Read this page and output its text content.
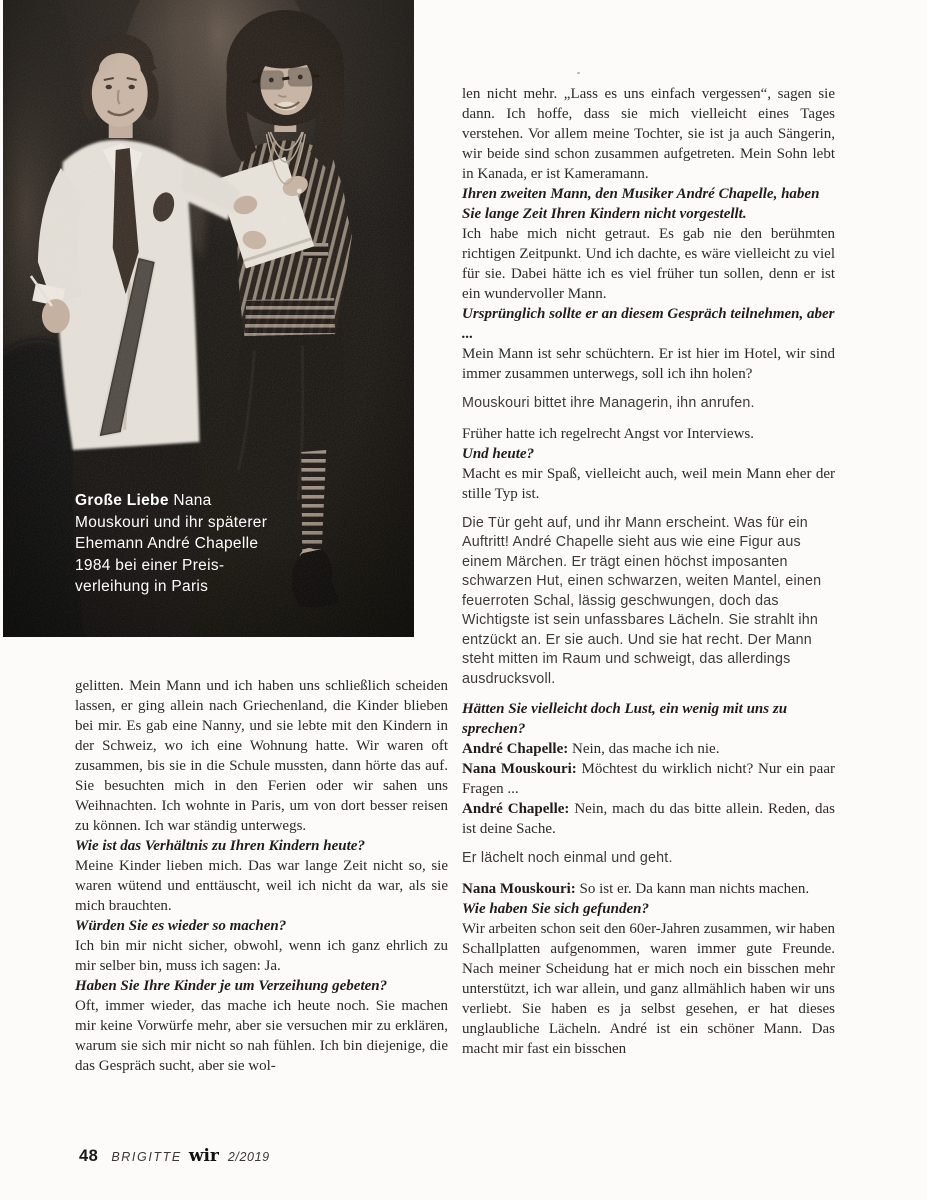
Große Liebe Nana Mouskouri und ihr späterer Ehemann André Chapelle 1984 bei einer Preis-verleihung in Paris

gelitten. Mein Mann und ich haben uns schließlich scheiden lassen, er ging allein nach Griechenland, die Kinder blieben bei mir. Es gab eine Nanny, und sie lebte mit den Kindern in der Schweiz, wo ich eine Wohnung hatte. Wir waren oft zusammen, bis sie in die Schule mussten, dann hörte das auf. Sie besuchten mich in den Ferien oder wir sahen uns Weihnachten. Ich wohnte in Paris, um von dort besser reisen zu können. Ich war ständig unterwegs.

Wie ist das Verhältnis zu Ihren Kindern heute?

Meine Kinder lieben mich. Das war lange Zeit nicht so, sie waren wütend und enttäuscht, weil ich nicht da war, als sie mich brauchten.

Würden Sie es wieder so machen?

Ich bin mir nicht sicher, obwohl, wenn ich ganz ehrlich zu mir selber bin, muss ich sagen: Ja.

Haben Sie Ihre Kinder je um Verzeihung gebeten?

Oft, immer wieder, das mache ich heute noch. Sie machen mir keine Vorwürfe mehr, aber sie versuchen mir zu erklären, warum sie sich mir nicht so nah fühlen. Ich bin diejenige, die das Gespräch sucht, aber sie wol-

len nicht mehr. „Lass es uns einfach vergessen“, sagen sie dann. Ich hoffe, dass sie mich vielleicht eines Tages verstehen. Vor allem meine Tochter, sie ist ja auch Sängerin, wir beide sind schon zusammen aufgetreten. Mein Sohn lebt in Kanada, er ist Kameramann.

Ihren zweiten Mann, den Musiker André Chapelle, haben Sie lange Zeit Ihren Kindern nicht vorgestellt.

Ich habe mich nicht getraut. Es gab nie den berühmten richtigen Zeitpunkt. Und ich dachte, es wäre vielleicht zu viel für sie. Dabei hätte ich es viel früher tun sollen, denn er ist ein wundervoller Mann.

Ursprünglich sollte er an diesem Gespräch teilnehmen, aber ...

Mein Mann ist sehr schüchtern. Er ist hier im Hotel, wir sind immer zusammen unterwegs, soll ich ihn holen?

Mouskouri bittet ihre Managerin, ihn anrufen.

Früher hatte ich regelrecht Angst vor Interviews.

Und heute?

Macht es mir Spaß, vielleicht auch, weil mein Mann eher der stille Typ ist.

Die Tür geht auf, und ihr Mann erscheint. Was für ein Auftritt! André Chapelle sieht aus wie eine Figur aus einem Märchen. Er trägt einen höchst imposanten schwarzen Hut, einen schwarzen, weiten Mantel, einen feuerroten Schal, lässig geschwungen, doch das Wichtigste ist sein unfassbares Lächeln. Sie strahlt ihn entzückt an. Er sie auch. Und sie hat recht. Der Mann steht mitten im Raum und schweigt, das allerdings ausdrucksvoll.

Hätten Sie vielleicht doch Lust, ein wenig mit uns zu sprechen?

André Chapelle: Nein, das mache ich nie.

Nana Mouskouri: Möchtest du wirklich nicht? Nur ein paar Fragen ...

André Chapelle: Nein, mach du das bitte allein. Reden, das ist deine Sache.

Er lächelt noch einmal und geht.

Nana Mouskouri: So ist er. Da kann man nichts machen.

Wie haben Sie sich gefunden?

Wir arbeiten schon seit den 60er-Jahren zusammen, wir haben Schallplatten aufgenommen, waren immer gute Freunde. Nach meiner Scheidung hat er mich noch ein bisschen mehr unterstützt, ich war allein, und ganz allmählich haben wir uns verliebt. Sie haben es ja selbst gesehen, er hat dieses unglaubliche Lächeln. André ist ein schöner Mann. Das macht mir fast ein bisschen

48 BRIGITTE wir 2/2019
